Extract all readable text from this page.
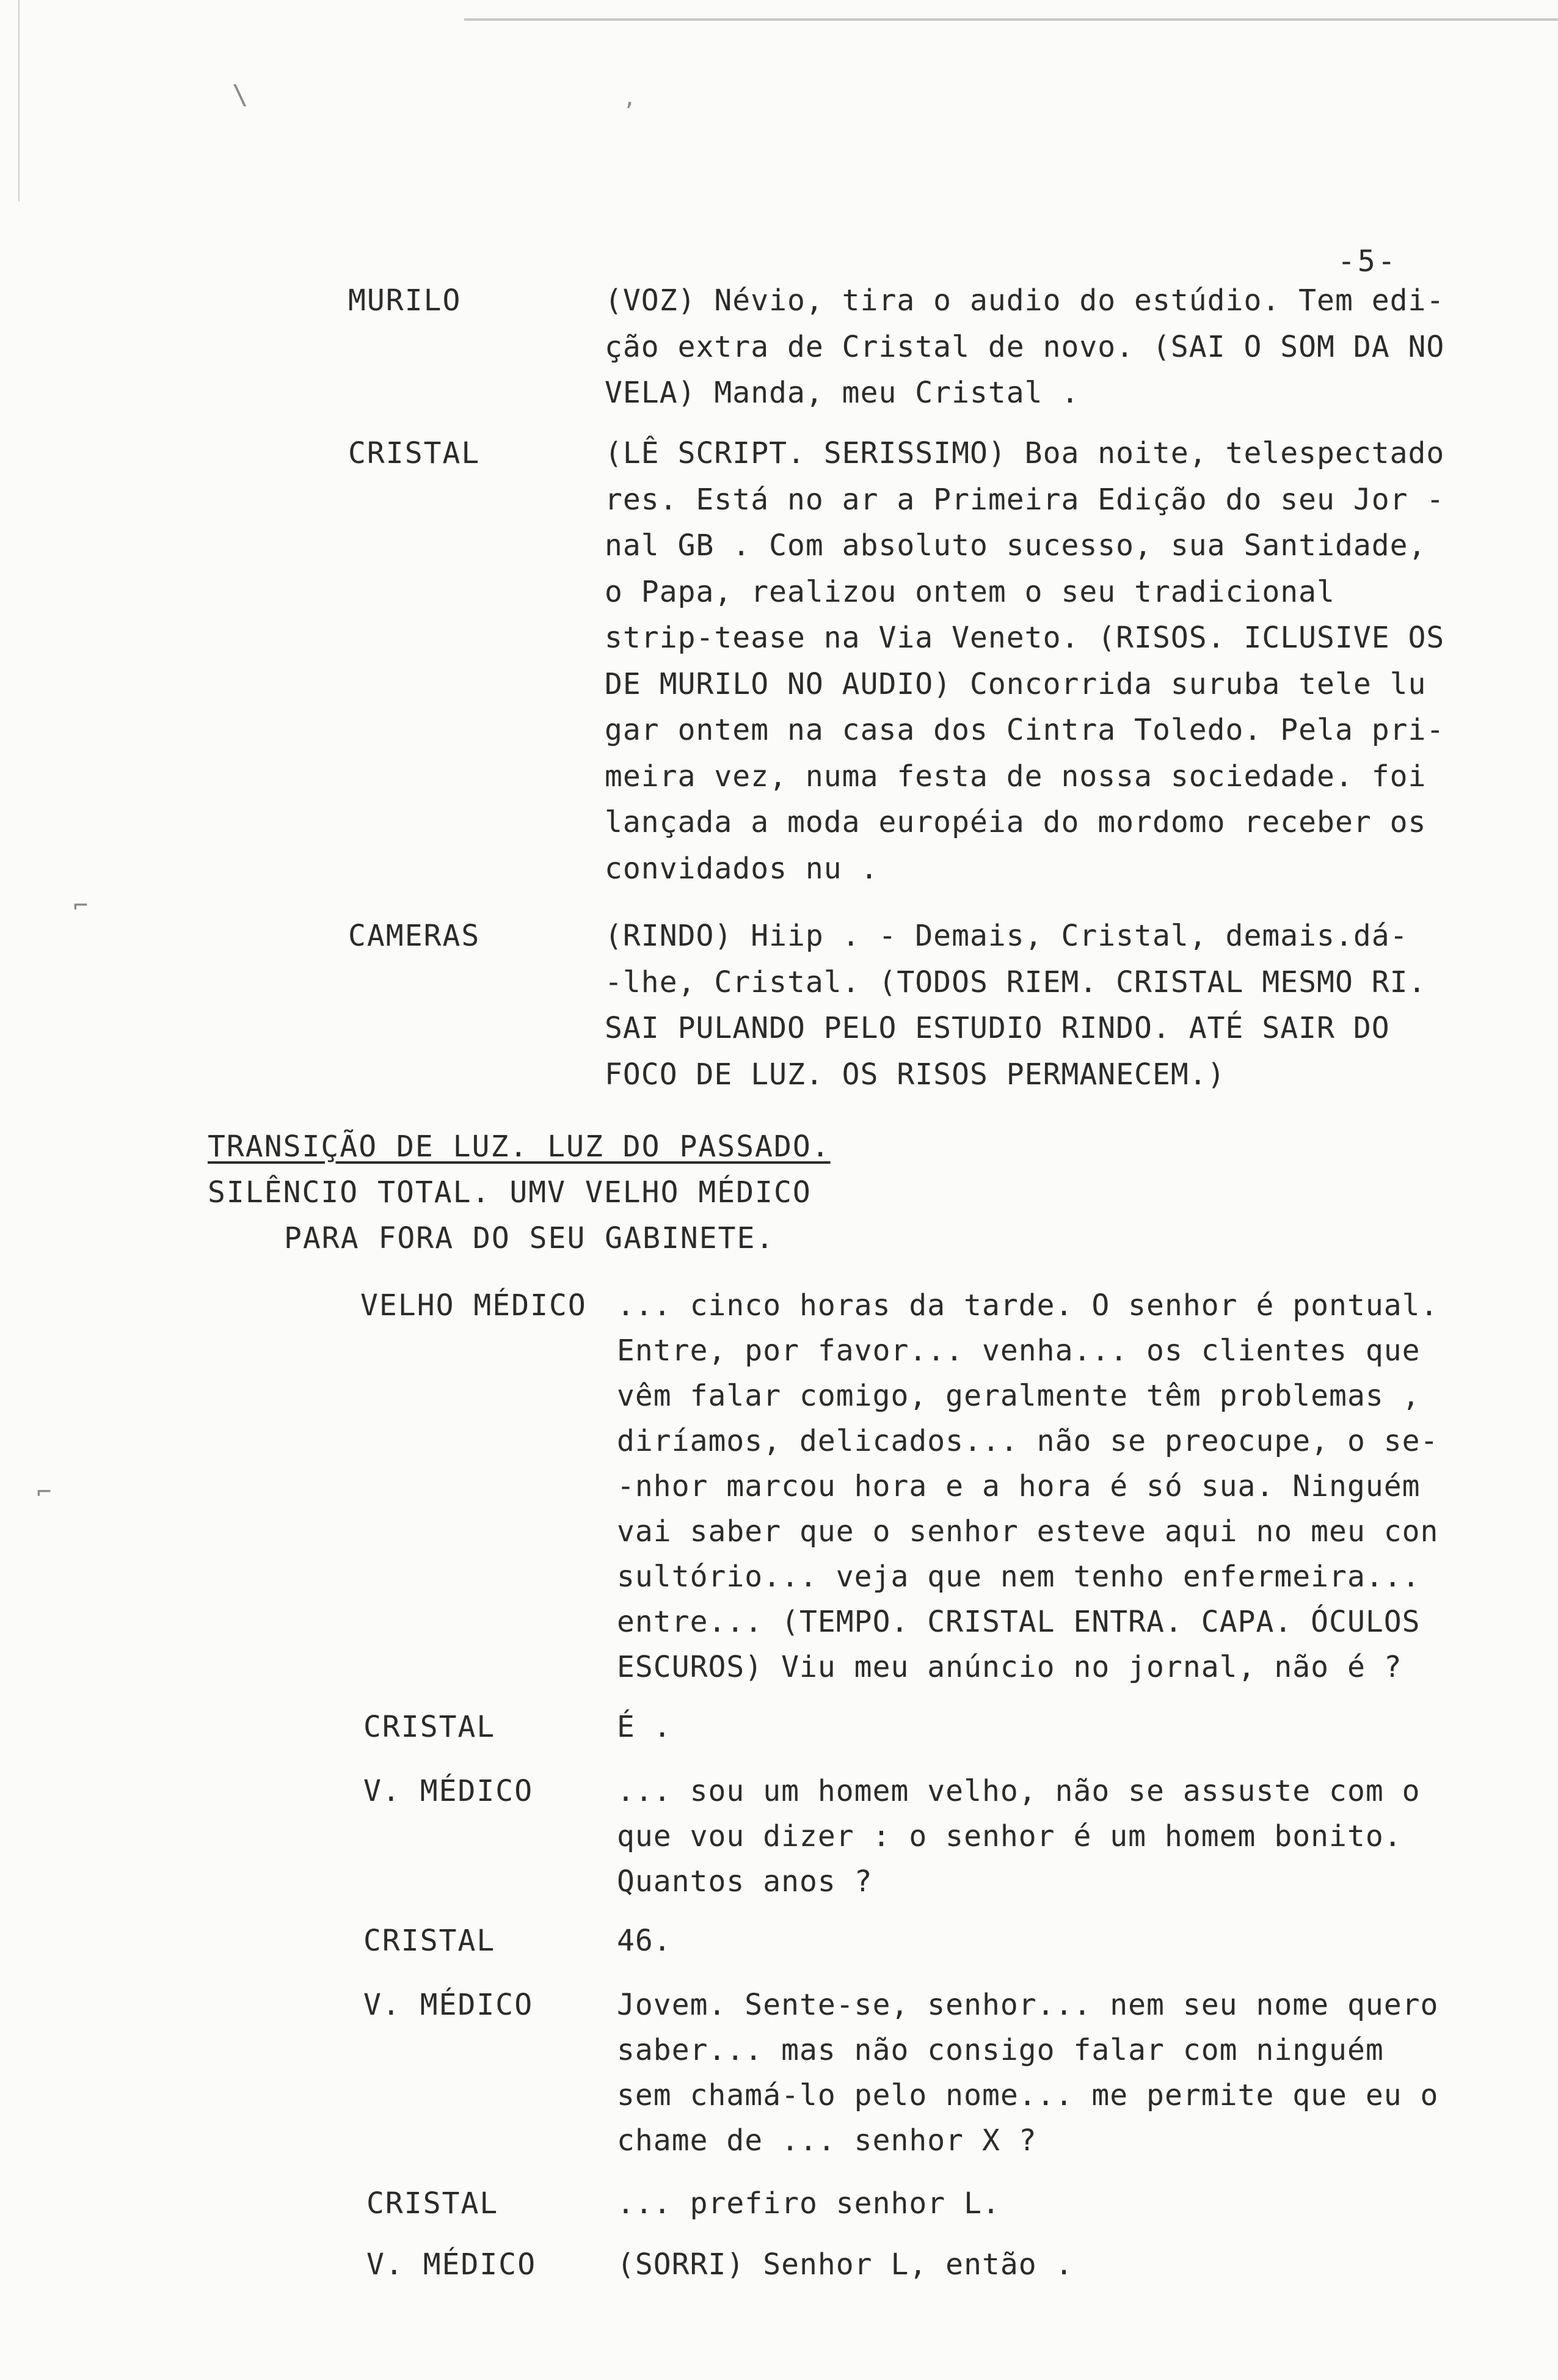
\	,
⌐
⌐
-5-
MURILO	(VOZ) Névio, tira o audio do estúdio. Tem edi-
ção extra de Cristal de novo. (SAI O SOM DA NO
VELA) Manda, meu Cristal .
CRISTAL	(LÊ SCRIPT. SERISSIMO) Boa noite, telespectado
res. Está no ar a Primeira Edição do seu Jor -
nal GB . Com absoluto sucesso, sua Santidade,
o Papa, realizou ontem o seu tradicional
strip-tease na Via Veneto. (RISOS. ICLUSIVE OS
DE MURILO NO AUDIO) Concorrida suruba tele lu
gar ontem na casa dos Cintra Toledo. Pela pri-
meira vez, numa festa de nossa sociedade. foi
lançada a moda européia do mordomo receber os
convidados nu .
CAMERAS	(RINDO) Hiip . - Demais, Cristal, demais.dá-
-lhe, Cristal. (TODOS RIEM. CRISTAL MESMO RI.
SAI PULANDO PELO ESTUDIO RINDO. ATÉ SAIR DO
FOCO DE LUZ. OS RISOS PERMANECEM.)
TRANSIÇÃO DE LUZ. LUZ DO PASSADO.
SILÊNCIO TOTAL. UMV VELHO MÉDICO
PARA FORA DO SEU GABINETE.
VELHO MÉDICO ... cinco horas da tarde. O senhor é pontual.
Entre, por favor... venha... os clientes que
vêm falar comigo, geralmente têm problemas ,
diríamos, delicados... não se preocupe, o se-
-nhor marcou hora e a hora é só sua. Ninguém
vai saber que o senhor esteve aqui no meu con
sultório... veja que nem tenho enfermeira...
entre... (TEMPO. CRISTAL ENTRA. CAPA. ÓCULOS
ESCUROS) Viu meu anúncio no jornal, não é ?
CRISTAL	É .
V. MÉDICO	... sou um homem velho, não se assuste com o
que vou dizer : o senhor é um homem bonito.
Quantos anos ?
CRISTAL	46.
V. MÉDICO	Jovem. Sente-se, senhor... nem seu nome quero
saber... mas não consigo falar com ninguém
sem chamá-lo pelo nome... me permite que eu o
chame de ... senhor X ?
CRISTAL	... prefiro senhor L.
V. MÉDICO	(SORRI) Senhor L, então .
